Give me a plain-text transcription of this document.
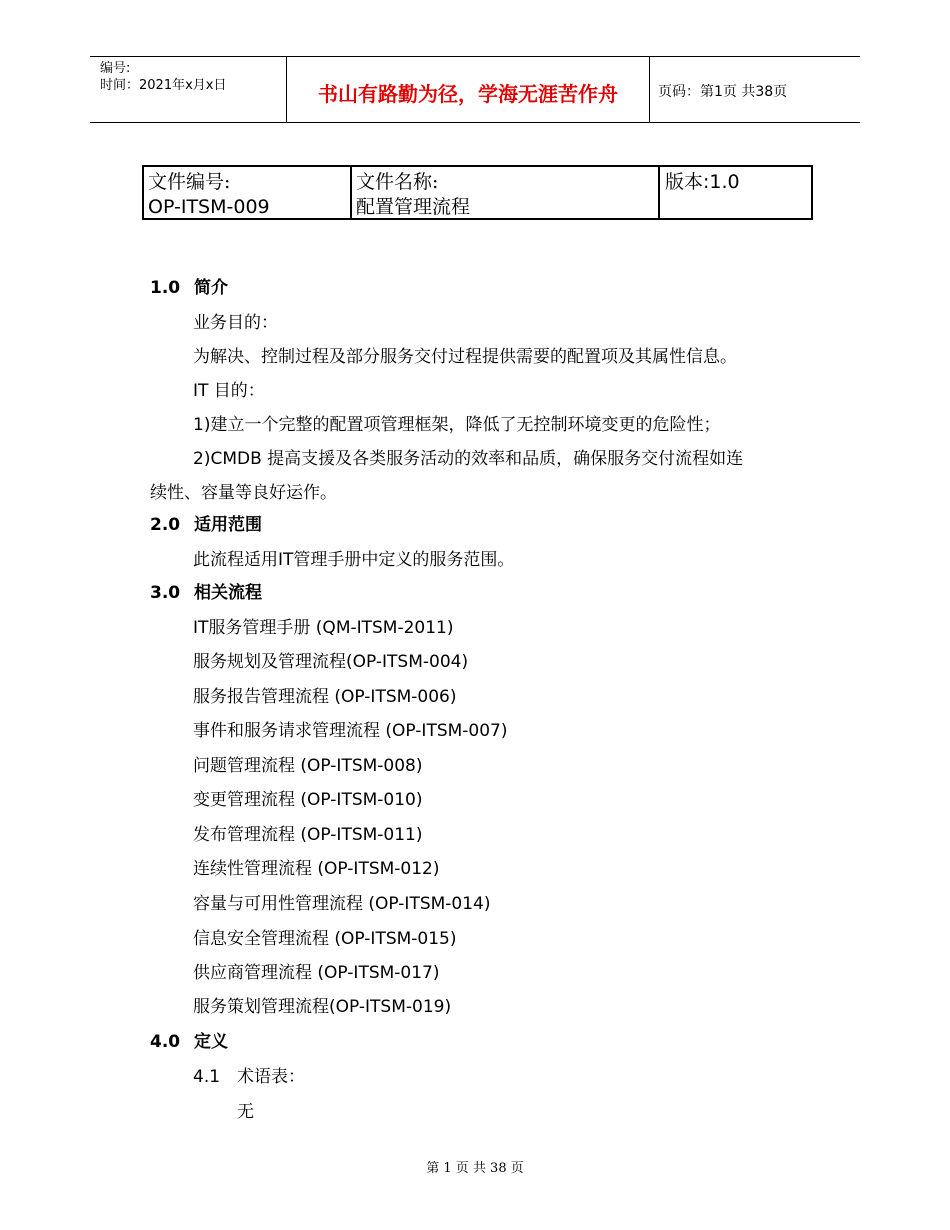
编号:
时间：2021年x月x日	书山有路勤为径，学海无涯苦作舟	页码：第1页 共38页
文件编号:
OP-ITSM-009
文件名称:
配置管理流程
版本:1.0
1.0 简介
业务目的：
为解决、控制过程及部分服务交付过程提供需要的配置项及其属性信息。
IT 目的：
1)建立一个完整的配置项管理框架，降低了无控制环境变更的危险性；
2)CMDB 提高支援及各类服务活动的效率和品质，确保服务交付流程如连
续性、容量等良好运作。
2.0 适用范围
此流程适用IT管理手册中定义的服务范围。
3.0 相关流程
IT服务管理手册 (QM-ITSM-2011)
服务规划及管理流程(OP-ITSM-004)
服务报告管理流程 (OP-ITSM-006)
事件和服务请求管理流程 (OP-ITSM-007)
问题管理流程 (OP-ITSM-008)
变更管理流程 (OP-ITSM-010)
发布管理流程 (OP-ITSM-011)
连续性管理流程 (OP-ITSM-012)
容量与可用性管理流程 (OP-ITSM-014)
信息安全管理流程 (OP-ITSM-015)
供应商管理流程 (OP-ITSM-017)
服务策划管理流程(OP-ITSM-019)
4.0 定义
4.1 术语表：
无
第 1 页 共 38 页
